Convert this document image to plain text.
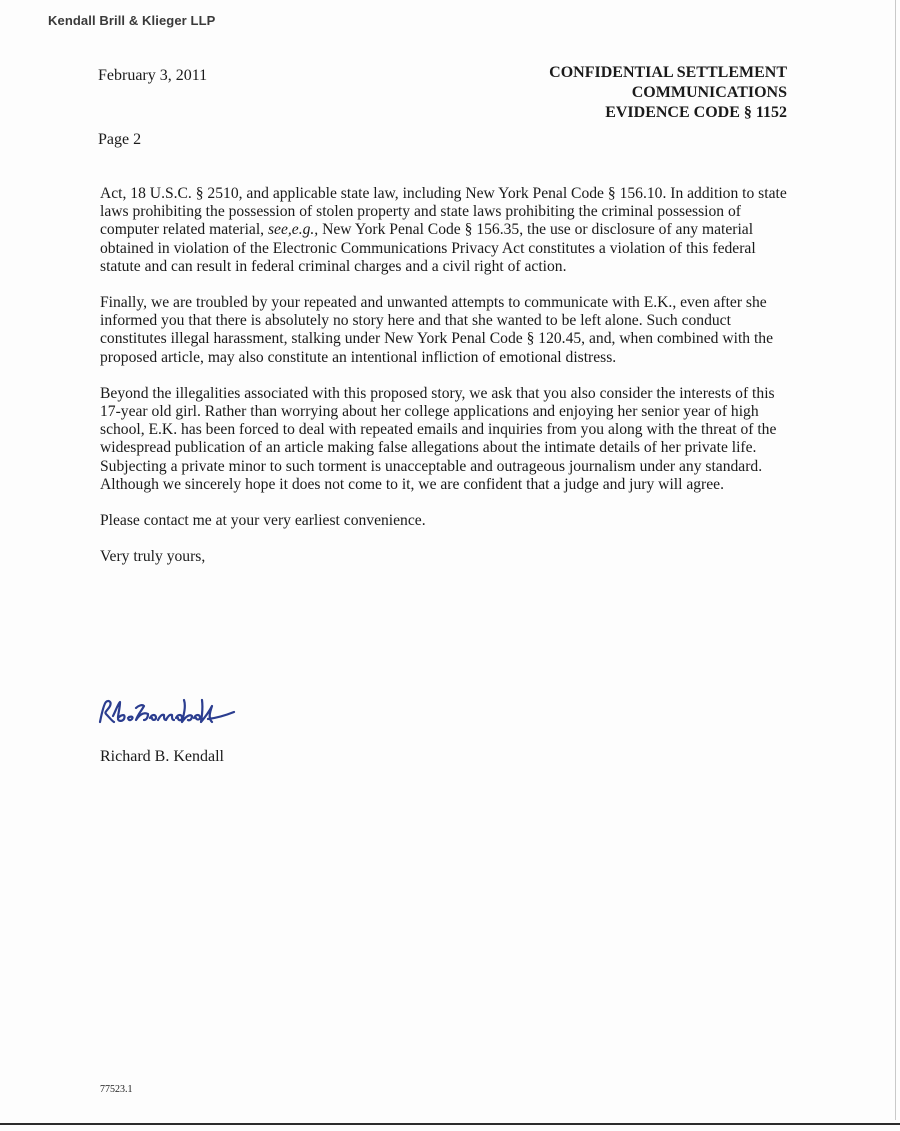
Kendall Brill & Klieger LLP
February 3, 2011	CONFIDENTIAL SETTLEMENT
COMMUNICATIONS
EVIDENCE CODE § 1152
Page 2

Act, 18 U.S.C. § 2510, and applicable state law, including New York Penal Code § 156.10. In addition to state laws prohibiting the possession of stolen property and state laws prohibiting the criminal possession of computer related material, see,e.g., New York Penal Code § 156.35, the use or disclosure of any material obtained in violation of the Electronic Communications Privacy Act constitutes a violation of this federal statute and can result in federal criminal charges and a civil right of action.

Finally, we are troubled by your repeated and unwanted attempts to communicate with E.K., even after she informed you that there is absolutely no story here and that she wanted to be left alone. Such conduct constitutes illegal harassment, stalking under New York Penal Code § 120.45, and, when combined with the proposed article, may also constitute an intentional infliction of emotional distress.

Beyond the illegalities associated with this proposed story, we ask that you also consider the interests of this 17-year old girl. Rather than worrying about her college applications and enjoying her senior year of high school, E.K. has been forced to deal with repeated emails and inquiries from you along with the threat of the widespread publication of an article making false allegations about the intimate details of her private life. Subjecting a private minor to such torment is unacceptable and outrageous journalism under any standard. Although we sincerely hope it does not come to it, we are confident that a judge and jury will agree.

Please contact me at your very earliest convenience.

Very truly yours,

Richard B. Kendall
77523.1
